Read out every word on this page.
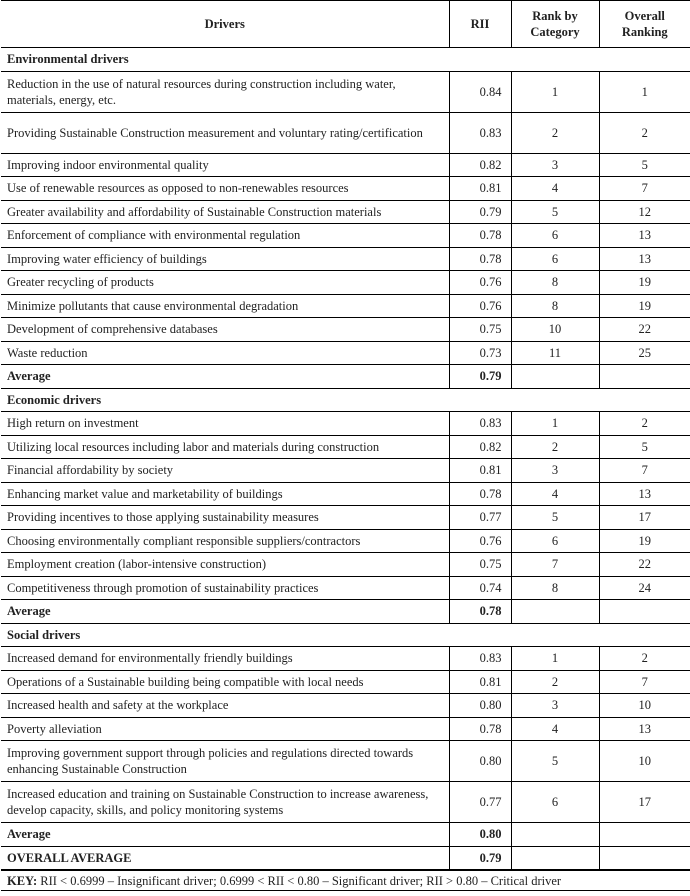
Drivers	RII	Rank by Category	Overall Ranking
Environmental drivers			
Reduction in the use of natural resources during construction including water, materials, energy, etc.	0.84	1	1
Providing Sustainable Construction measurement and voluntary rating/certification	0.83	2	2
Improving indoor environmental quality	0.82	3	5
Use of renewable resources as opposed to non-renewables resources	0.81	4	7
Greater availability and affordability of Sustainable Construction materials	0.79	5	12
Enforcement of compliance with environmental regulation	0.78	6	13
Improving water efficiency of buildings	0.78	6	13
Greater recycling of products	0.76	8	19
Minimize pollutants that cause environmental degradation	0.76	8	19
Development of comprehensive databases	0.75	10	22
Waste reduction	0.73	11	25
Average	0.79		
Economic drivers			
High return on investment	0.83	1	2
Utilizing local resources including labor and materials during construction	0.82	2	5
Financial affordability by society	0.81	3	7
Enhancing market value and marketability of buildings	0.78	4	13
Providing incentives to those applying sustainability measures	0.77	5	17
Choosing environmentally compliant responsible suppliers/contractors	0.76	6	19
Employment creation (labor-intensive construction)	0.75	7	22
Competitiveness through promotion of sustainability practices	0.74	8	24
Average	0.78		
Social drivers			
Increased demand for environmentally friendly buildings	0.83	1	2
Operations of a Sustainable building being compatible with local needs	0.81	2	7
Increased health and safety at the workplace	0.80	3	10
Poverty alleviation	0.78	4	13
Improving government support through policies and regulations directed towards enhancing Sustainable Construction	0.80	5	10
Increased education and training on Sustainable Construction to increase awareness, develop capacity, skills, and policy monitoring systems	0.77	6	17
Average	0.80		
OVERALL AVERAGE	0.79		
KEY: RII < 0.6999 – Insignificant driver; 0.6999 < RII < 0.80 – Significant driver; RII > 0.80 – Critical driver
